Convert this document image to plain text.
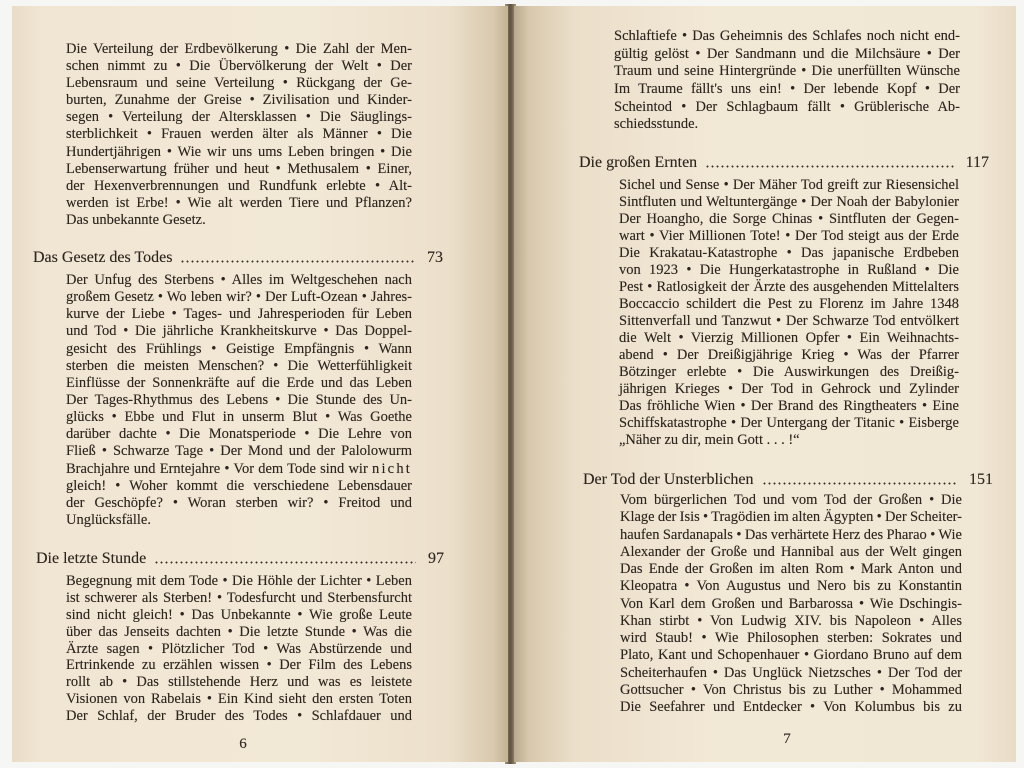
Die Verteilung der Erdbevölkerung • Die Zahl der Men-
schen nimmt zu • Die Übervölkerung der Welt • Der
Lebensraum und seine Verteilung • Rückgang der Ge-
burten, Zunahme der Greise • Zivilisation und Kinder-
segen • Verteilung der Altersklassen • Die Säuglings-
sterblichkeit • Frauen werden älter als Männer • Die
Hundertjährigen • Wie wir uns ums Leben bringen • Die
Lebenserwartung früher und heut • Methusalem • Einer,
der Hexenverbrennungen und Rundfunk erlebte • Alt-
werden ist Erbe! • Wie alt werden Tiere und Pflanzen?
Das unbekannte Gesetz.
Das Gesetz des Todes	73
Der Unfug des Sterbens • Alles im Weltgeschehen nach
großem Gesetz • Wo leben wir? • Der Luft-Ozean • Jahres-
kurve der Liebe • Tages- und Jahresperioden für Leben
und Tod • Die jährliche Krankheitskurve • Das Doppel-
gesicht des Frühlings • Geistige Empfängnis • Wann
sterben die meisten Menschen? • Die Wetterfühligkeit
Einflüsse der Sonnenkräfte auf die Erde und das Leben
Der Tages-Rhythmus des Lebens • Die Stunde des Un-
glücks • Ebbe und Flut in unserm Blut • Was Goethe
darüber dachte • Die Monatsperiode • Die Lehre von
Fließ • Schwarze Tage • Der Mond und der Palolowurm
Brachjahre und Erntejahre • Vor dem Tode sind wir nicht
gleich! • Woher kommt die verschiedene Lebensdauer
der Geschöpfe? • Woran sterben wir? • Freitod und
Unglücksfälle.
Die letzte Stunde	97
Begegnung mit dem Tode • Die Höhle der Lichter • Leben
ist schwerer als Sterben! • Todesfurcht und Sterbensfurcht
sind nicht gleich! • Das Unbekannte • Wie große Leute
über das Jenseits dachten • Die letzte Stunde • Was die
Ärzte sagen • Plötzlicher Tod • Was Abstürzende und
Ertrinkende zu erzählen wissen • Der Film des Lebens
rollt ab • Das stillstehende Herz und was es leistete
Visionen von Rabelais • Ein Kind sieht den ersten Toten
Der Schlaf, der Bruder des Todes • Schlafdauer und
6
Schlaftiefe • Das Geheimnis des Schlafes noch nicht end-
gültig gelöst • Der Sandmann und die Milchsäure • Der
Traum und seine Hintergründe • Die unerfüllten Wünsche
Im Traume fällt's uns ein! • Der lebende Kopf • Der
Scheintod • Der Schlagbaum fällt • Grüblerische Ab-
schiedsstunde.
Die großen Ernten	117
Sichel und Sense • Der Mäher Tod greift zur Riesensichel
Sintfluten und Weltuntergänge • Der Noah der Babylonier
Der Hoangho, die Sorge Chinas • Sintfluten der Gegen-
wart • Vier Millionen Tote! • Der Tod steigt aus der Erde
Die Krakatau-Katastrophe • Das japanische Erdbeben
von 1923 • Die Hungerkatastrophe in Rußland • Die
Pest • Ratlosigkeit der Ärzte des ausgehenden Mittelalters
Boccaccio schildert die Pest zu Florenz im Jahre 1348
Sittenverfall und Tanzwut • Der Schwarze Tod entvölkert
die Welt • Vierzig Millionen Opfer • Ein Weihnachts-
abend • Der Dreißigjährige Krieg • Was der Pfarrer
Bötzinger erlebte • Die Auswirkungen des Dreißig-
jährigen Krieges • Der Tod in Gehrock und Zylinder
Das fröhliche Wien • Der Brand des Ringtheaters • Eine
Schiffskatastrophe • Der Untergang der Titanic • Eisberge
„Näher zu dir, mein Gott . . . !“
Der Tod der Unsterblichen	151
Vom bürgerlichen Tod und vom Tod der Großen • Die
Klage der Isis • Tragödien im alten Ägypten • Der Scheiter-
haufen Sardanapals • Das verhärtete Herz des Pharao • Wie
Alexander der Große und Hannibal aus der Welt gingen
Das Ende der Großen im alten Rom • Mark Anton und
Kleopatra • Von Augustus und Nero bis zu Konstantin
Von Karl dem Großen und Barbarossa • Wie Dschingis-
Khan stirbt • Von Ludwig XIV. bis Napoleon • Alles
wird Staub! • Wie Philosophen sterben: Sokrates und
Plato, Kant und Schopenhauer • Giordano Bruno auf dem
Scheiterhaufen • Das Unglück Nietzsches • Der Tod der
Gottsucher • Von Christus bis zu Luther • Mohammed
Die Seefahrer und Entdecker • Von Kolumbus bis zu
7
